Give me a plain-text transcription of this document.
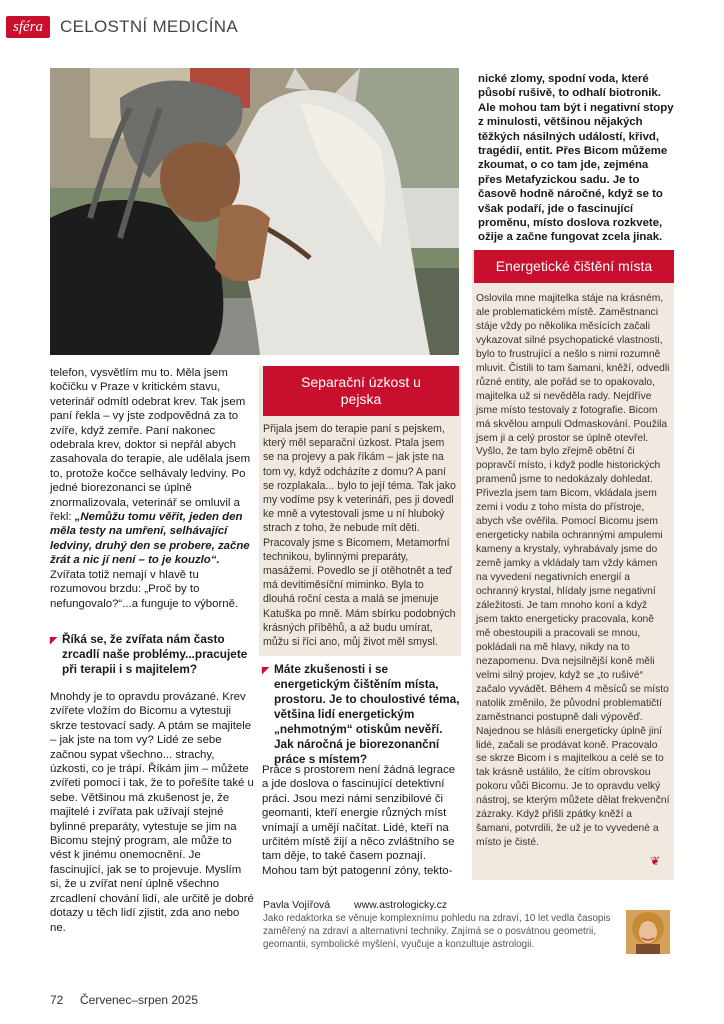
sféra	CELOSTNÍ MEDICÍNA

telefon, vysvětlím mu to. Měla jsem kočičku v Praze v kritickém stavu, veterinář odmítl odebrat krev. Tak jsem paní řekla – vy jste zodpovědná za to zvíře, když zemře. Paní nakonec odebrala krev, doktor si nepřál abych zasahovala do terapie, ale udělala jsem to, protože kočce selhávaly ledviny. Po jedné biorezonanci se úplně znormalizovala, veterinář se omluvil a řekl: „Nemůžu tomu věřit, jeden den měla testy na umření, selhávající ledviny, druhý den se probere, začne žrát a nic jí není – to je kouzlo“. Zvířata totiž nemají v hlavě tu rozumovou brzdu: „Proč by to nefungovalo?“...a funguje to výborně.

◤ Říká se, že zvířata nám často zrcadlí naše problémy...pracujete při terapii i s majitelem?

Mnohdy je to opravdu provázané. Krev zvířete vložím do Bicomu a vytestuji skrze testovací sady. A ptám se majitele – jak jste na tom vy? Lidé ze sebe začnou sypat všechno... strachy, úzkosti, co je trápí. Říkám jim – můžete zvířeti pomoci i tak, že to pořešíte také u sebe. Většinou má zkušenost je, že majitelé i zvířata pak užívají stejné bylinné preparáty, vytestuje se jim na Bicomu stejný program, ale může to vést k jinému onemocnění. Je fascinující, jak se to projevuje. Myslím si, že u zvířat není úplně všechno zrcadlení chování lidí, ale určitě je dobré dotazy u těch lidí zjistit, zda ano nebo ne.

Separační úzkost u pejska
Přijala jsem do terapie paní s pejskem, který měl separační úzkost. Ptala jsem se na projevy a pak říkám – jak jste na tom vy, když odcházíte z domu? A paní se rozplakala... bylo to její téma. Tak jako my vodíme psy k veterináři, pes ji dovedl ke mně a vytestovali jsme u ní hluboký strach z toho, že nebude mít děti. Pracovaly jsme s Bicomem, Metamorfní technikou, bylinnými preparáty, masážemi. Povedlo se jí otěhotnět a teď má devítiměsíční miminko. Byla to dlouhá roční cesta a malá se jmenuje Katuška po mně. Mám sbírku podobných krásných příběhů, a až budu umírat, můžu si říci ano, můj život měl smysl.
◤ Máte zkušenosti i se energetickým čištěním místa, prostoru. Je to choulostivé téma, většina lidí energetickým „nehmotným“ otiskům nevěří. Jak náročná je biorezonanční práce s místem?

Práce s prostorem není žádná legrace a jde doslova o fascinující detektivní práci. Jsou mezi námi senzibilové či geomanti, kteří energie různých míst vnímají a umějí načítat. Lidé, kteří na určitém místě žijí a něco zvláštního se tam děje, to také časem poznají. Mohou tam být patogenní zóny, tekto-

nické zlomy, spodní voda, které působí rušivě, to odhalí biotronik. Ale mohou tam být i negativní stopy z minulosti, většinou nějakých těžkých násilných událostí, křivd, tragédií, entit. Přes Bicom můžeme zkoumat, o co tam jde, zejména přes Metafyzickou sadu. Je to časově hodně náročné, když se to však podaří, jde o fascinující proměnu, místo doslova rozkvete, ožije a začne fungovat zcela jinak.

Energetické čištění místa
Oslovila mne majitelka stáje na krásném, ale problematickém místě. Zaměstnanci stáje vždy po několika měsících začali vykazovat silné psychopatické vlastnosti, bylo to frustrující a nešlo s nimi rozumně mluvit. Čistili to tam šamani, kněží, odvedli různé entity, ale pořád se to opakovalo, majitelka už si nevěděla rady. Nejdříve jsme místo testovaly z fotografie. Bicom má skvělou ampuli Odmaskování. Použila jsem ji a celý prostor se úplně otevřel. Vyšlo, že tam bylo zřejmě obětní či popravčí místo, i když podle historických pramenů jsme to nedokázaly dohledat. Přivezla jsem tam Bicom, vkládala jsem zemi i vodu z toho místa do přístroje, abych vše ověřila. Pomocí Bicomu jsem energeticky nabila ochrannými ampulemi kameny a krystaly, vyhrabávaly jsme do země jamky a vkládaly tam vždy kámen na vyvedení negativních energií a ochranný krystal, hlídaly jsme negativní záležitosti. Je tam mnoho koní a když jsem takto energeticky pracovala, koně mě obestoupili a pracovali se mnou, pokládali na mě hlavy, nikdy na to nezapomenu. Dva nejsilnější koně měli velmi silný projev, když se „to rušivé“ začalo vyvádět. Během 4 měsíců se místo natolik změnilo, že původní problematičtí zaměstnanci postupně dali výpověď. Najednou se hlásili energeticky úplně jiní lidé, začali se prodávat koně. Pracovalo se skrze Bicom i s majitelkou a celé se to tak krásně ustálilo, že cítím obrovskou pokoru vůči Bicomu. Je to opravdu velký nástroj, se kterým můžete dělat frekvenční zázraky. Když přišli zpátky kněží a šamani, potvrdili, že už je to vyvedené a místo je čisté.
❦
Pavla Vojířová www.astrologicky.cz
Jako redaktorka se věnuje komplexnímu pohledu na zdraví, 10 let vedla časopis zaměřený na zdraví a alternativní techniky. Zajímá se o posvátnou geometrii, geomantii, symbolické myšlení, vyučuje a konzultuje astrologii.
72 Červenec–srpen 2025
